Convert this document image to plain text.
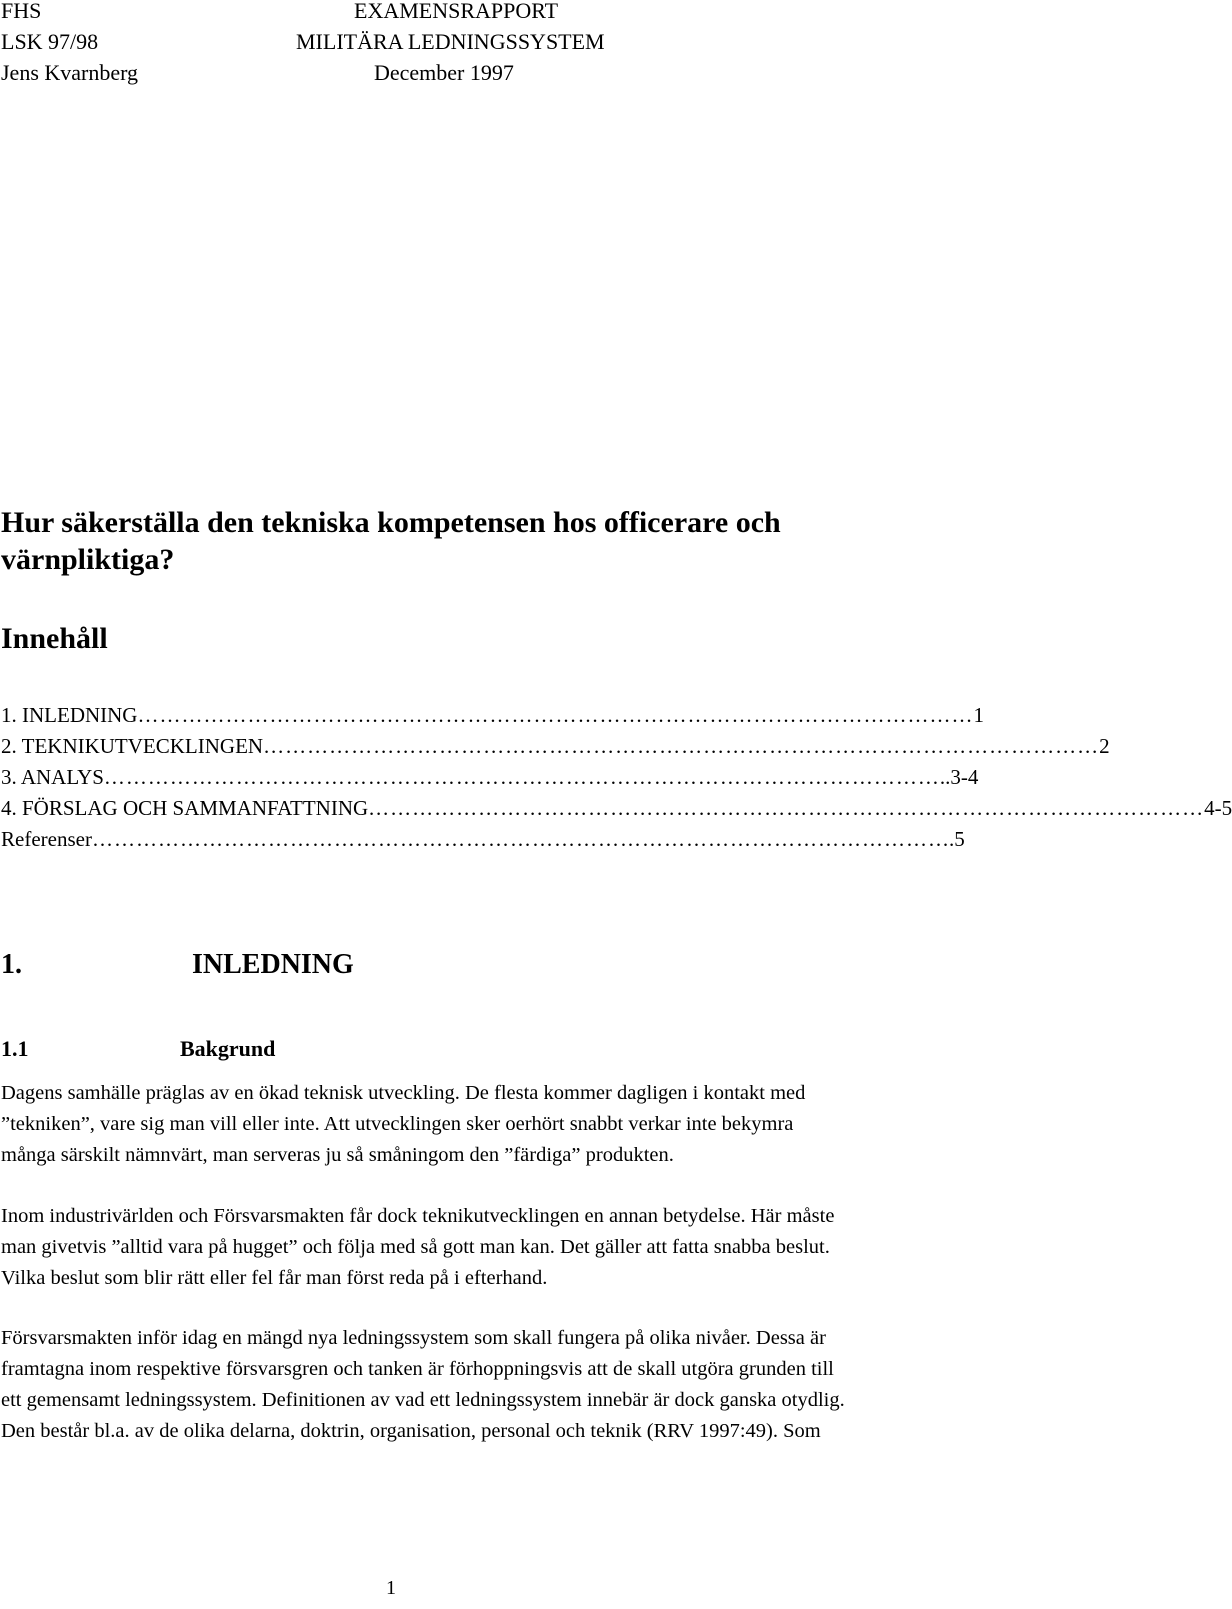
FHS
LSK 97/98
Jens Kvarnberg
EXAMENSRAPPORT
MILITÄRA LEDNINGSSYSTEM
December 1997
Hur säkerställa den tekniska kompetensen hos officerare och
värnpliktiga?
Innehåll
1. INLEDNING …………………………………………………………………………………………………… 1
2. TEKNIKUTVECKLINGEN …………………………………………………………………………………………………… 2
3. ANALYS …………………………………………………………………………………………………… ..3-4
4. FÖRSLAG OCH SAMMANFATTNING …………………………………………………………………………………………………… 4-5
Referenser …………………………………………………………………………………………………… ….5
1.	INLEDNING
1.1	Bakgrund
Dagens samhälle präglas av en ökad teknisk utveckling. De flesta kommer dagligen i kontakt med
”tekniken”, vare sig man vill eller inte. Att utvecklingen sker oerhört snabbt verkar inte bekymra
många särskilt nämnvärt, man serveras ju så småningom den ”färdiga” produkten.
Inom industrivärlden och Försvarsmakten får dock teknikutvecklingen en annan betydelse. Här måste
man givetvis ”alltid vara på hugget” och följa med så gott man kan. Det gäller att fatta snabba beslut.
Vilka beslut som blir rätt eller fel får man först reda på i efterhand.
Försvarsmakten inför idag en mängd nya ledningssystem som skall fungera på olika nivåer. Dessa är
framtagna inom respektive försvarsgren och tanken är förhoppningsvis att de skall utgöra grunden till
ett gemensamt ledningssystem. Definitionen av vad ett ledningssystem innebär är dock ganska otydlig.
Den består bl.a. av de olika delarna, doktrin, organisation, personal och teknik (RRV 1997:49). Som
1
